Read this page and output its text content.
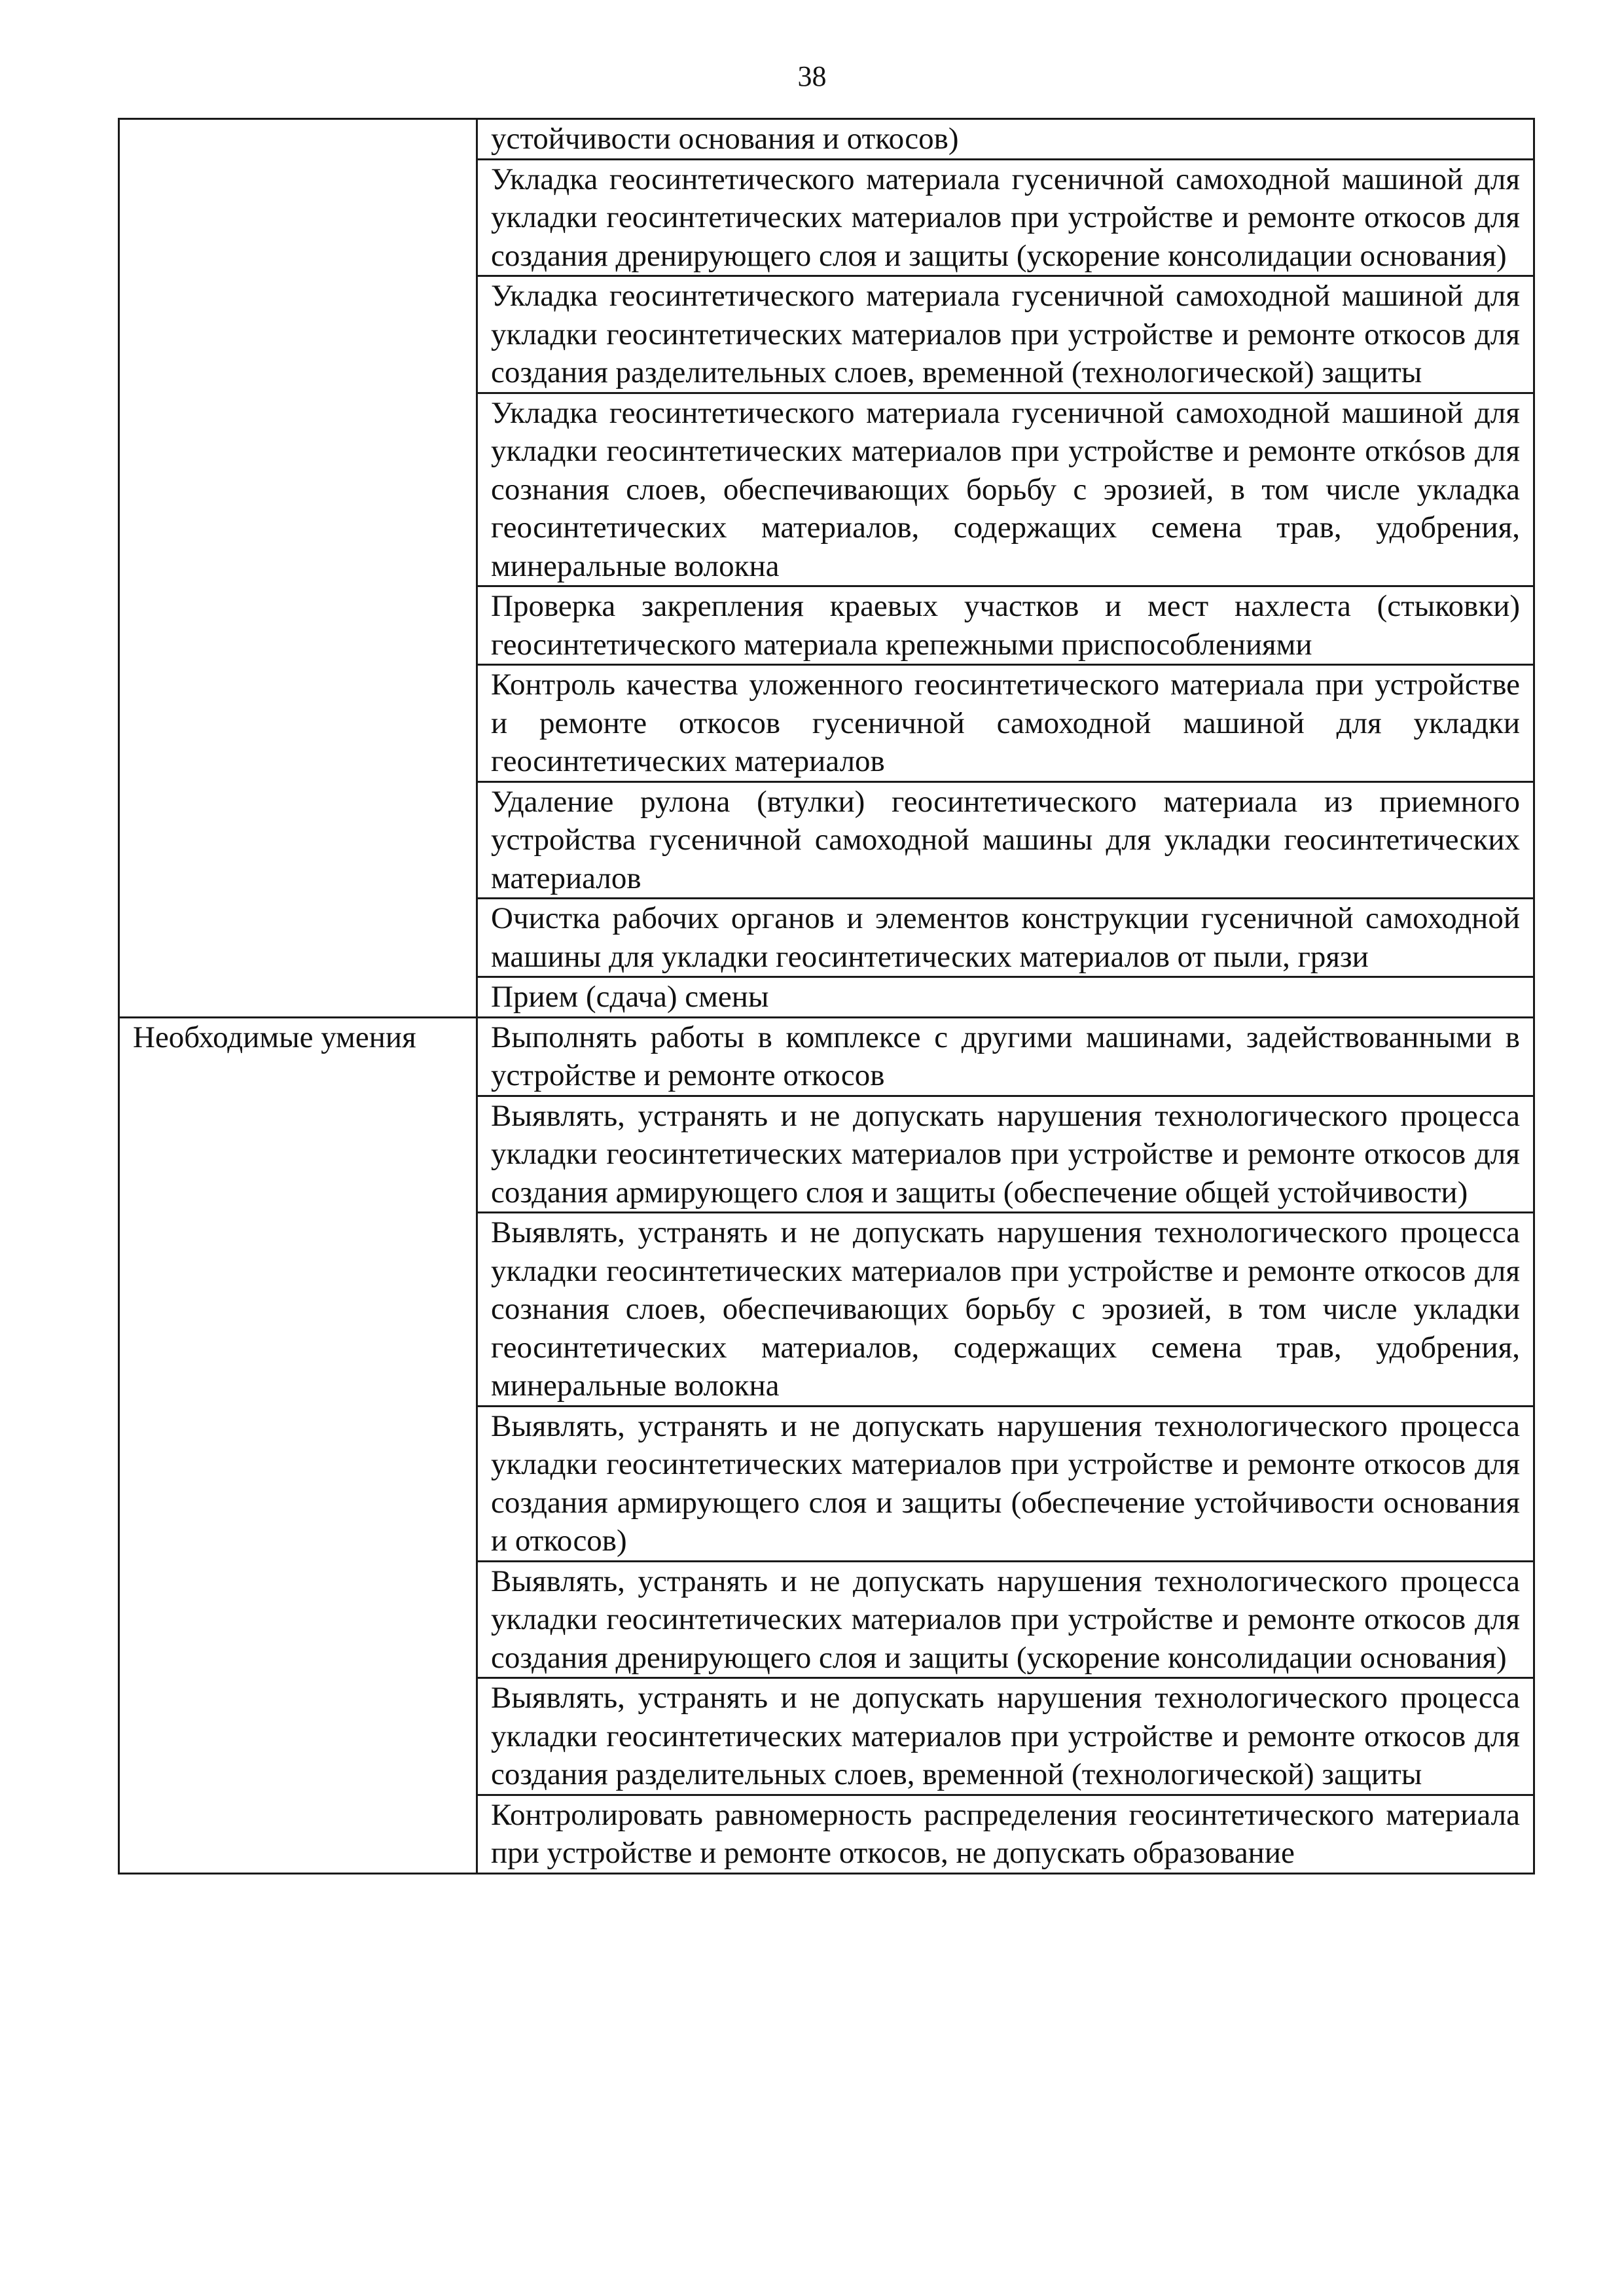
38
	устойчивости основания и откосов)
	Укладка геосинтетического материала гусеничной самоходной машиной для укладки геосинтетических материалов при устройстве и ремонте откосов для создания дренирующего слоя и защиты (ускорение консолидации основания)
	Укладка геосинтетического материала гусеничной самоходной машиной для укладки геосинтетических материалов при устройстве и ремонте откосов для создания разделительных слоев, временной (технологической) защиты
	Укладка геосинтетического материала гусеничной самоходной машиной для укладки геосинтетических материалов при устройстве и ремонте откósов для сознания слоев, обеспечивающих борьбу с эрозией, в том числе укладка геосинтетических материалов, содержащих семена трав, удобрения, минеральные волокна
	Проверка закрепления краевых участков и мест нахлеста (стыковки) геосинтетического материала крепежными приспособлениями
	Контроль качества уложенного геосинтетического материала при устройстве и ремонте откосов гусеничной самоходной машиной для укладки геосинтетических материалов
	Удаление рулона (втулки) геосинтетического материала из приемного устройства гусеничной самоходной машины для укладки геосинтетических материалов
	Очистка рабочих органов и элементов конструкции гусеничной самоходной машины для укладки геосинтетических материалов от пыли, грязи
	Прием (сдача) смены
Необходимые умения	Выполнять работы в комплексе с другими машинами, задействованными в устройстве и ремонте откосов
	Выявлять, устранять и не допускать нарушения технологического процесса укладки геосинтетических материалов при устройстве и ремонте откосов для создания армирующего слоя и защиты (обеспечение общей устойчивости)
	Выявлять, устранять и не допускать нарушения технологического процесса укладки геосинтетических материалов при устройстве и ремонте откосов для сознания слоев, обеспечивающих борьбу с эрозией, в том числе укладки геосинтетических материалов, содержащих семена трав, удобрения, минеральные волокна
	Выявлять, устранять и не допускать нарушения технологического процесса укладки геосинтетических материалов при устройстве и ремонте откосов для создания армирующего слоя и защиты (обеспечение устойчивости основания и откосов)
	Выявлять, устранять и не допускать нарушения технологического процесса укладки геосинтетических материалов при устройстве и ремонте откосов для создания дренирующего слоя и защиты (ускорение консолидации основания)
	Выявлять, устранять и не допускать нарушения технологического процесса укладки геосинтетических материалов при устройстве и ремонте откосов для создания разделительных слоев, временной (технологической) защиты
	Контролировать равномерность распределения геосинтетического материала при устройстве и ремонте откосов, не допускать образование
